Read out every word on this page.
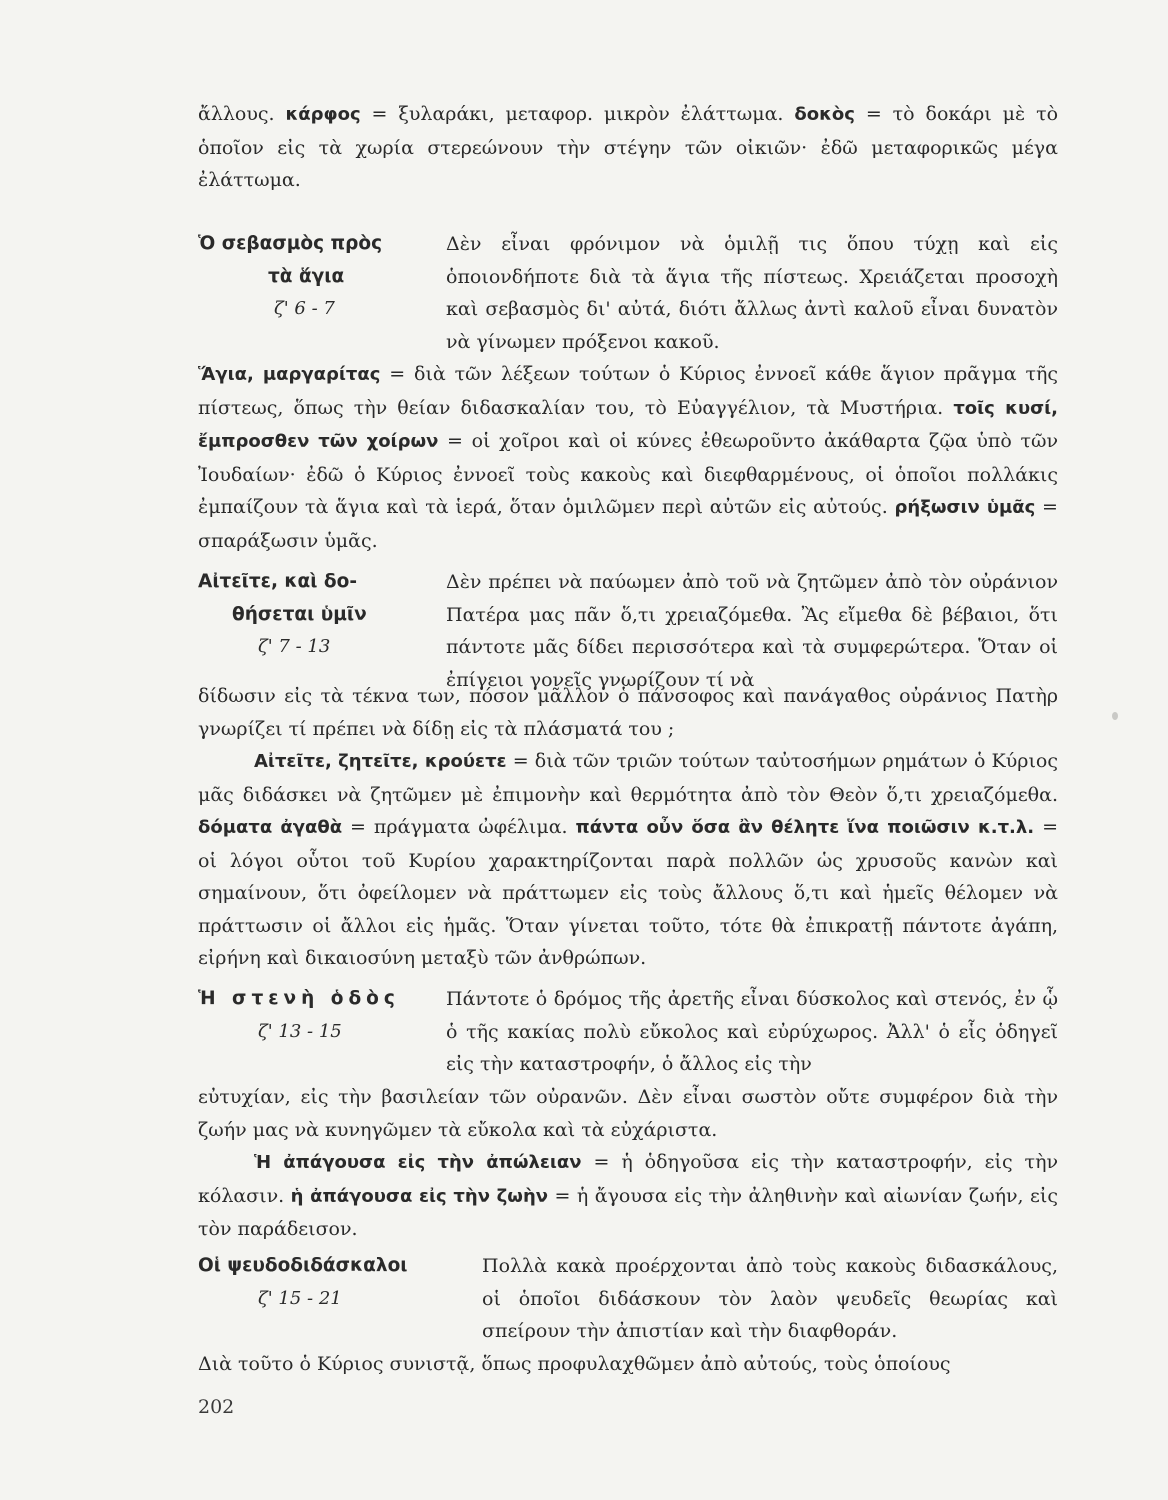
ἄλλους. κάρφος = ξυλαράκι, μεταφορ. μικρὸν ἐλάττωμα. δοκὸς = τὸ δοκάρι μὲ τὸ ὁποῖον εἰς τὰ χωρία στερεώνουν τὴν στέγην τῶν οἰκιῶν· ἐδῶ μεταφορικῶς μέγα ἐλάττωμα.

Ὁ σεβασμὸς πρὸς

τὰ ἅγια

ζ' 6 - 7

Δὲν εἶναι φρόνιμον νὰ ὁμιλῇ τις ὅπου τύχῃ καὶ εἰς ὁποιονδήποτε διὰ τὰ ἅγια τῆς πίστεως. Χρειάζεται προσοχὴ καὶ σεβασμὸς δι' αὐτά, διότι ἄλλως ἀντὶ καλοῦ εἶναι δυνατὸν νὰ γίνωμεν πρόξενοι κακοῦ.

Ἅγια, μαργαρίτας = διὰ τῶν λέξεων τούτων ὁ Κύριος ἐννοεῖ κάθε ἅγιον πρᾶγμα τῆς πίστεως, ὅπως τὴν θείαν διδασκαλίαν του, τὸ Εὐαγγέλιον, τὰ Μυστήρια. τοῖς κυσί, ἔμπροσθεν τῶν χοίρων = οἱ χοῖροι καὶ οἱ κύνες ἐθεωροῦντο ἀκάθαρτα ζῷα ὑπὸ τῶν Ἰουδαίων· ἐδῶ ὁ Κύριος ἐννοεῖ τοὺς κακοὺς καὶ διεφθαρμένους, οἱ ὁποῖοι πολλάκις ἐμπαίζουν τὰ ἅγια καὶ τὰ ἱερά, ὅταν ὁμιλῶμεν περὶ αὐτῶν εἰς αὐτούς. ρήξωσιν ὑμᾶς = σπαράξωσιν ὑμᾶς.

Αἰτεῖτε, καὶ δο-

θήσεται ὑμῖν

ζ' 7 - 13

Δὲν πρέπει νὰ παύωμεν ἀπὸ τοῦ νὰ ζητῶμεν ἀπὸ τὸν οὐράνιον Πατέρα μας πᾶν ὅ,τι χρειαζόμεθα. Ἂς εἴμεθα δὲ βέβαιοι, ὅτι πάντοτε μᾶς δίδει περισσότερα καὶ τὰ συμφερώτερα. Ὅταν οἱ ἐπίγειοι γονεῖς γνωρίζουν τί νὰ

δίδωσιν εἰς τὰ τέκνα των, πόσον μᾶλλον ὁ πάνσοφος καὶ πανάγαθος οὐράνιος Πατὴρ γνωρίζει τί πρέπει νὰ δίδῃ εἰς τὰ πλάσματά του ;

Αἰτεῖτε, ζητεῖτε, κρούετε = διὰ τῶν τριῶν τούτων ταὐτοσήμων ρημάτων ὁ Κύριος μᾶς διδάσκει νὰ ζητῶμεν μὲ ἐπιμονὴν καὶ θερμότητα ἀπὸ τὸν Θεὸν ὅ,τι χρειαζόμεθα. δόματα ἀγαθὰ = πράγματα ὠφέλιμα. πάντα οὖν ὅσα ἂν θέλητε ἵνα ποιῶσιν κ.τ.λ. = οἱ λόγοι οὗτοι τοῦ Κυρίου χαρακτηρίζονται παρὰ πολλῶν ὡς χρυσοῦς κανὼν καὶ σημαίνουν, ὅτι ὀφείλομεν νὰ πράττωμεν εἰς τοὺς ἄλλους ὅ,τι καὶ ἡμεῖς θέλομεν νὰ πράττωσιν οἱ ἄλλοι εἰς ἡμᾶς. Ὅταν γίνεται τοῦτο, τότε θὰ ἐπικρατῇ πάντοτε ἀγάπη, εἰρήνη καὶ δικαιοσύνη μεταξὺ τῶν ἀνθρώπων.

Ἡ στενὴ ὁδὸς

ζ' 13 - 15

Πάντοτε ὁ δρόμος τῆς ἀρετῆς εἶναι δύσκολος καὶ στενός, ἐν ᾧ ὁ τῆς κακίας πολὺ εὔκολος καὶ εὐρύχωρος. Ἀλλ' ὁ εἷς ὁδηγεῖ εἰς τὴν καταστροφήν, ὁ ἄλλος εἰς τὴν

εὐτυχίαν, εἰς τὴν βασιλείαν τῶν οὐρανῶν. Δὲν εἶναι σωστὸν οὔτε συμφέρον διὰ τὴν ζωήν μας νὰ κυνηγῶμεν τὰ εὔκολα καὶ τὰ εὐχάριστα.

Ἡ ἀπάγουσα εἰς τὴν ἀπώλειαν = ἡ ὁδηγοῦσα εἰς τὴν καταστροφήν, εἰς τὴν κόλασιν. ἡ ἀπάγουσα εἰς τὴν ζωὴν = ἡ ἄγουσα εἰς τὴν ἀληθινὴν καὶ αἰωνίαν ζωήν, εἰς τὸν παράδεισον.

Οἱ ψευδοδιδάσκαλοι

ζ' 15 - 21

Πολλὰ κακὰ προέρχονται ἀπὸ τοὺς κακοὺς διδασκάλους, οἱ ὁποῖοι διδάσκουν τὸν λαὸν ψευδεῖς θεωρίας καὶ σπείρουν τὴν ἀπιστίαν καὶ τὴν διαφθοράν.

Διὰ τοῦτο ὁ Κύριος συνιστᾷ, ὅπως προφυλαχθῶμεν ἀπὸ αὐτούς, τοὺς ὁποίους

202
